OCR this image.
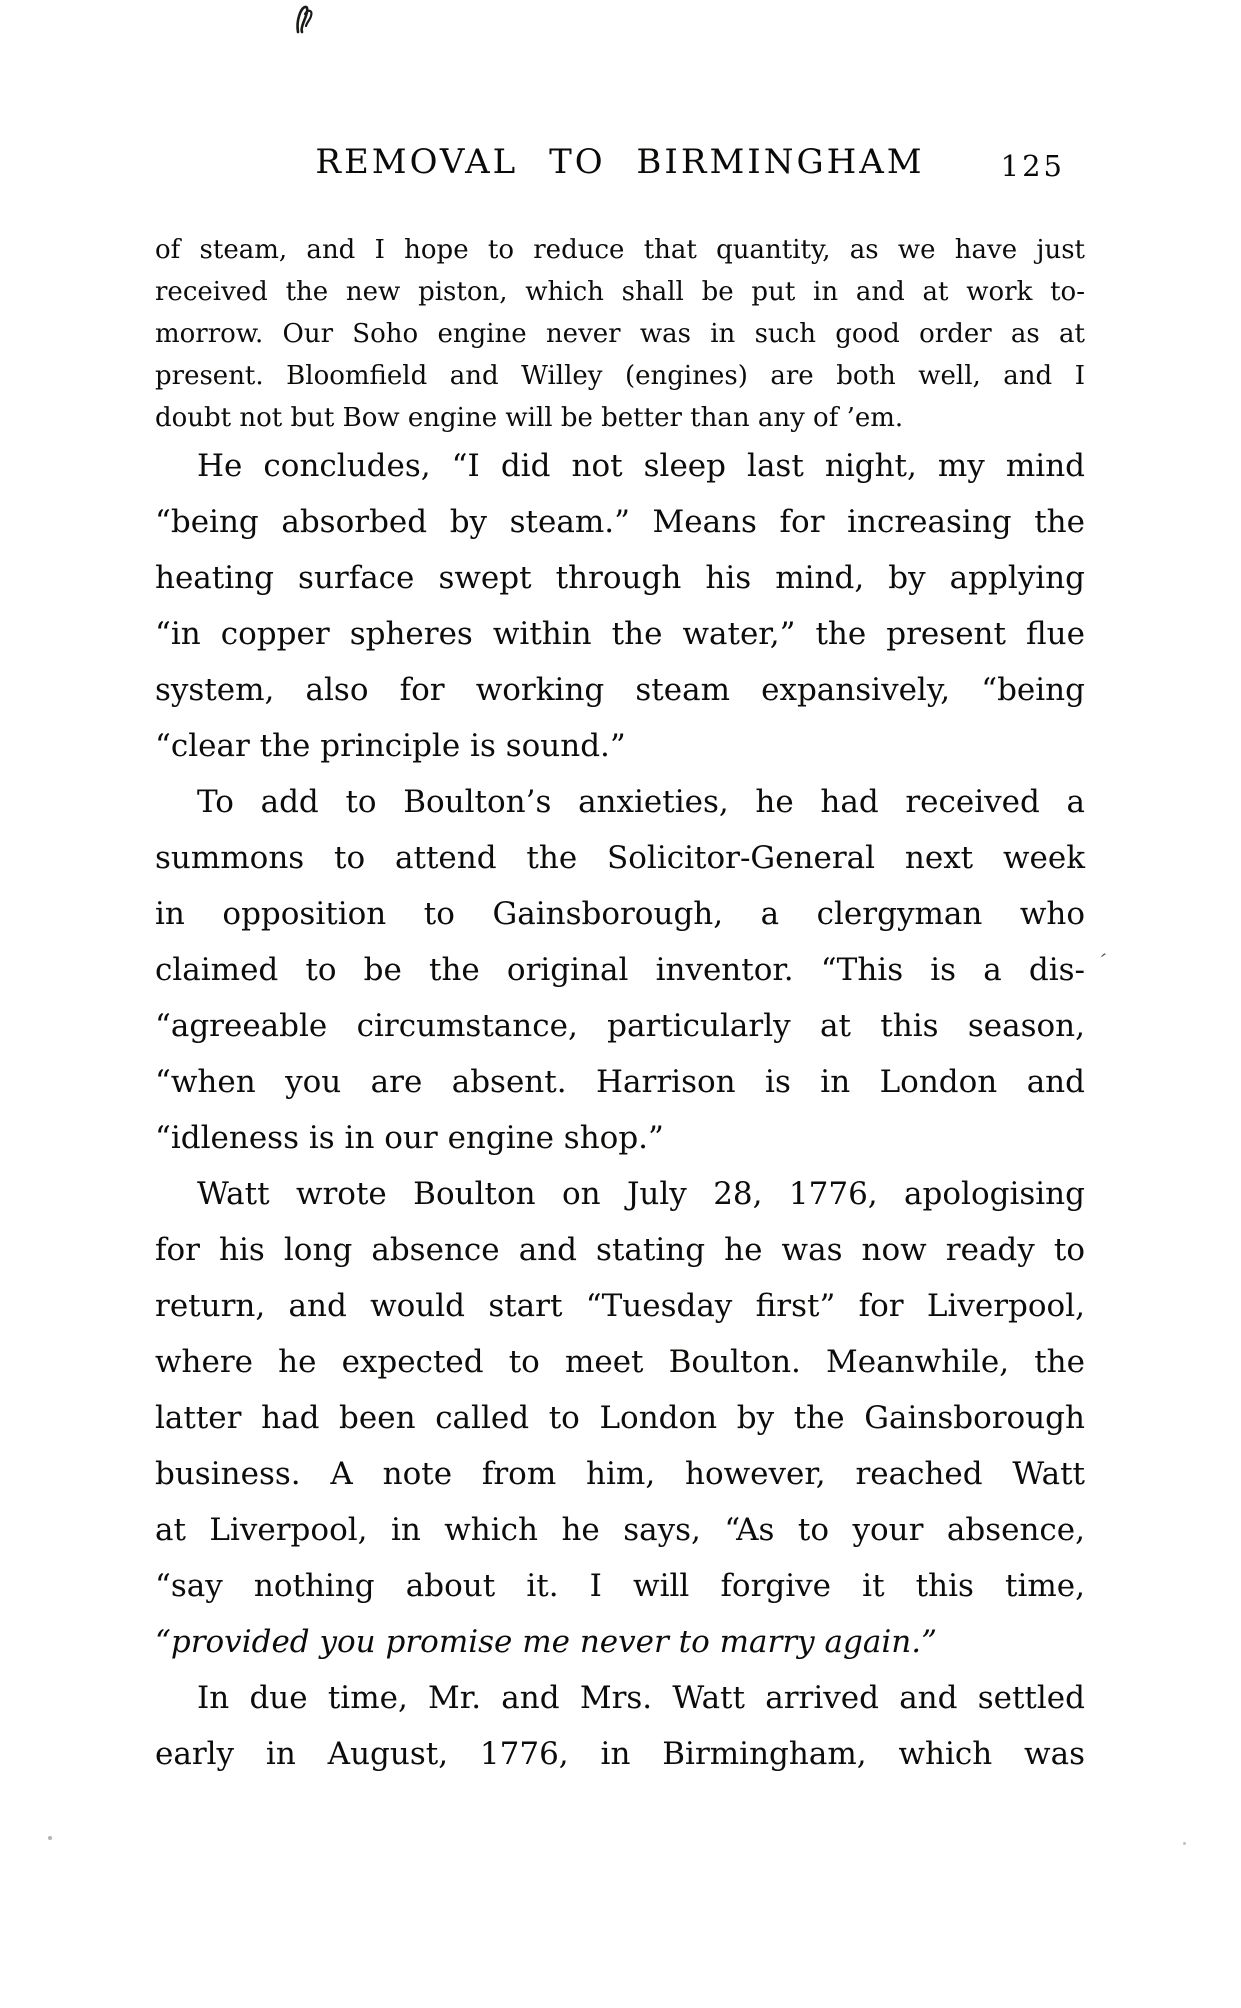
REMOVAL TO BIRMINGHAM	125
of steam, and I hope to reduce that quantity, as we have just
received the new piston, which shall be put in and at work to-
morrow. Our Soho engine never was in such good order as at
present. Bloomfield and Willey (engines) are both well, and I
doubt not but Bow engine will be better than any of ’em.
He concludes, “I did not sleep last night, my mind
“being absorbed by steam.” Means for increasing the
heating surface swept through his mind, by applying
“in copper spheres within the water,” the present flue
system, also for working steam expansively, “being
“clear the principle is sound.”
To add to Boulton’s anxieties, he had received a
summons to attend the Solicitor-General next week
in opposition to Gainsborough, a clergyman who
claimed to be the original inventor. “This is a dis-
“agreeable circumstance, particularly at this season,
“when you are absent. Harrison is in London and
“idleness is in our engine shop.”
Watt wrote Boulton on July 28, 1776, apologising
for his long absence and stating he was now ready to
return, and would start “Tuesday first” for Liverpool,
where he expected to meet Boulton. Meanwhile, the
latter had been called to London by the Gainsborough
business. A note from him, however, reached Watt
at Liverpool, in which he says, “As to your absence,
“say nothing about it. I will forgive it this time,
“provided you promise me never to marry again.”
In due time, Mr. and Mrs. Watt arrived and settled
early in August, 1776, in Birmingham, which was
´
